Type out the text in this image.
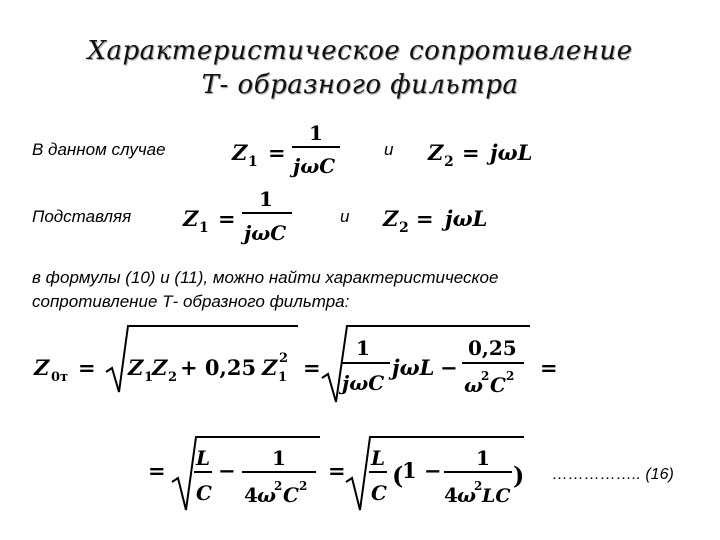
Характеристическое сопротивление
Т- образного фильтра
В данном случае	и
Подставляя	и
в формулы (10) и (11), можно найти характеристическое
сопротивление Т- образного фильтра:
Z 1 =
1
jωC
Z 2 = jωL
Z 1 =
1
jωC
Z 2 = jωL
Z 0т = Z 1
Z 2 + 0,25 Z 1
2 =
1
jωC
jωL −
0,25
ω
2 C 2 =
= L
C
− 1
4 ω
2 C 2
= L
C
(
1 − 1
4 ω
2 LC
) …………….. (16)
